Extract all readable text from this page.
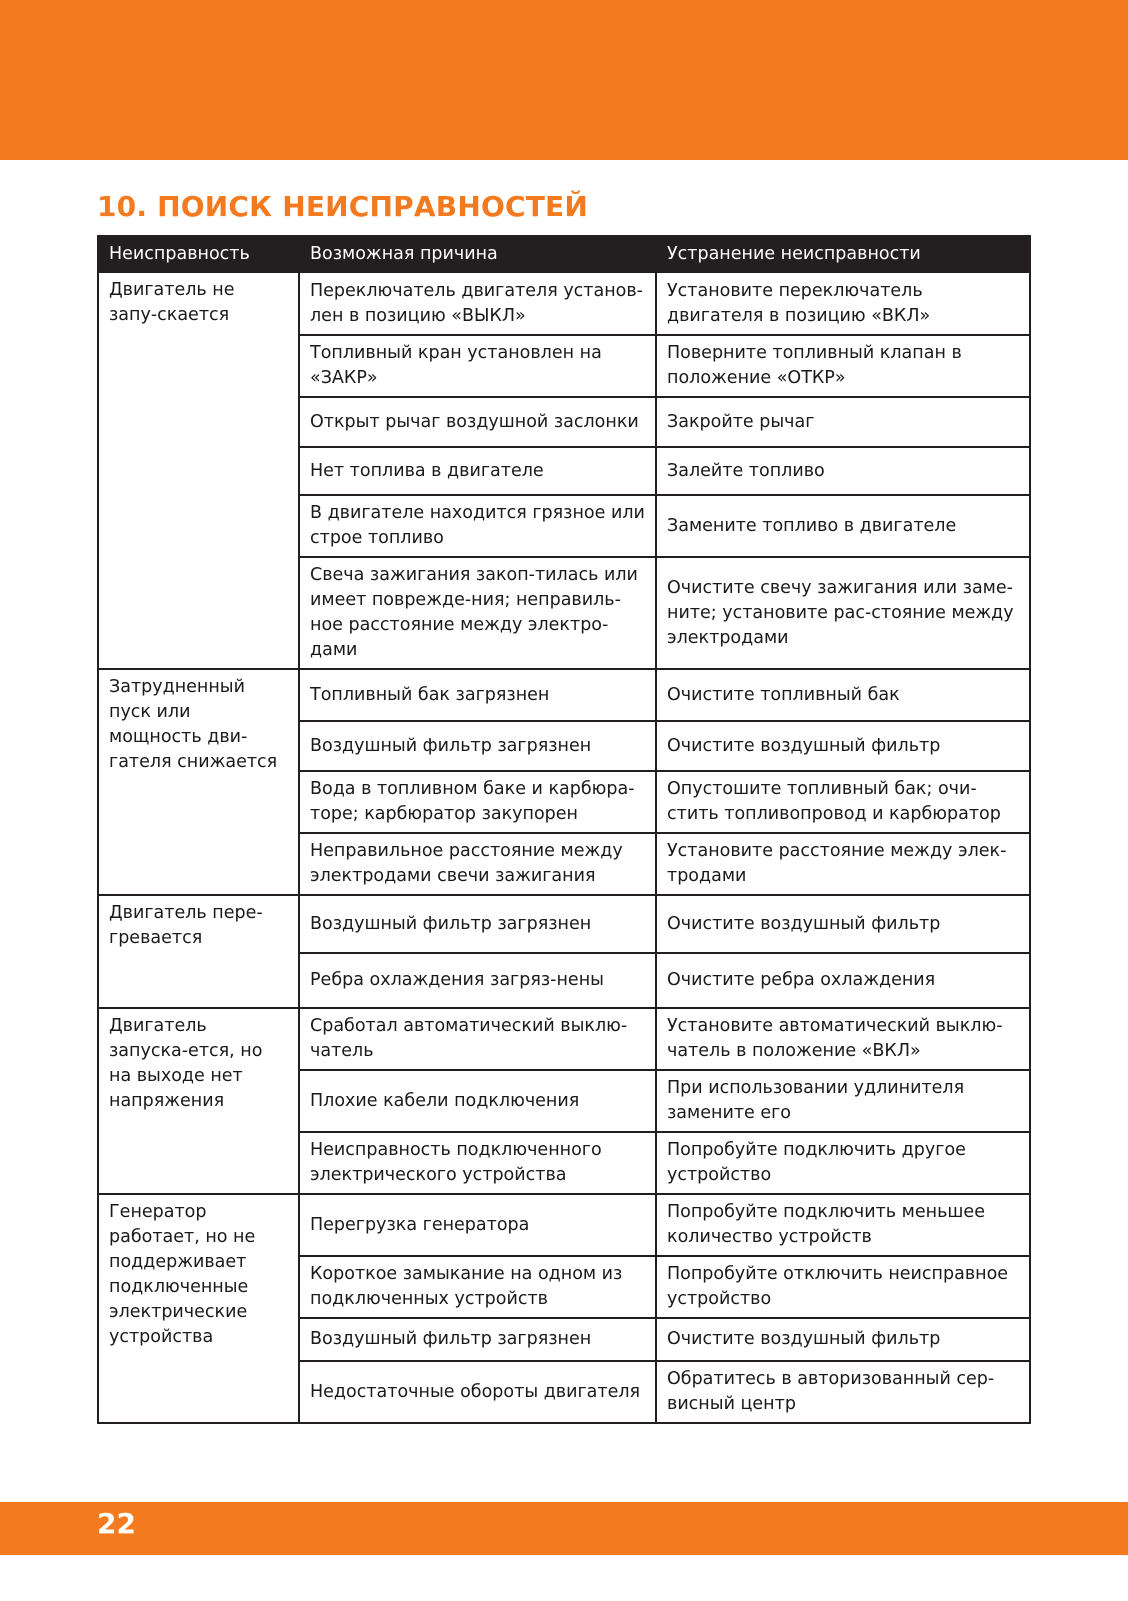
10. ПОИСК НЕИСПРАВНОСТЕЙ
Неисправность	Возможная причина	Устранение неисправности
Двигатель не запу-скается	Переключатель двигателя установ-лен в позицию «ВЫКЛ»	Установите переключатель двигателя в позицию «ВКЛ»
	Топливный кран установлен на «ЗАКР»	Поверните топливный клапан в положение «ОТКР»
	Открыт рычаг воздушной заслонки	Закройте рычаг
	Нет топлива в двигателе	Залейте топливо
	В двигателе находится грязное или строе топливо	Замените топливо в двигателе
	Свеча зажигания закоп-тилась или имеет поврежде-ния; неправиль-ное расстояние между электро-дами	Очистите свечу зажигания или заме-ните; установите рас-стояние между электродами
Затрудненный пуск или мощность дви-гателя снижается	Топливный бак загрязнен	Очистите топливный бак
	Воздушный фильтр загрязнен	Очистите воздушный фильтр
	Вода в топливном баке и карбюра-торе; карбюратор закупорен	Опустошите топливный бак; очи-стить топливопровод и карбюратор
	Неправильное расстояние между электродами свечи зажигания	Установите расстояние между элек-тродами
Двигатель пере-гревается	Воздушный фильтр загрязнен	Очистите воздушный фильтр
	Ребра охлаждения загряз-нены	Очистите ребра охлаждения
Двигатель запуска-ется, но на выходе нет напряжения	Сработал автоматический выклю-чатель	Установите автоматический выклю-чатель в положение «ВКЛ»
	Плохие кабели подключения	При использовании удлинителя замените его
	Неисправность подключенного электрического устройства	Попробуйте подключить другое устройство
Генератор работает, но не поддерживает подключенные электрические устройства	Перегрузка генератора	Попробуйте подключить меньшее количество устройств
	Короткое замыкание на одном из подключенных устройств	Попробуйте отключить неисправное устройство
	Воздушный фильтр загрязнен	Очистите воздушный фильтр
	Недостаточные обороты двигателя	Обратитесь в авторизованный сер-висный центр
22
